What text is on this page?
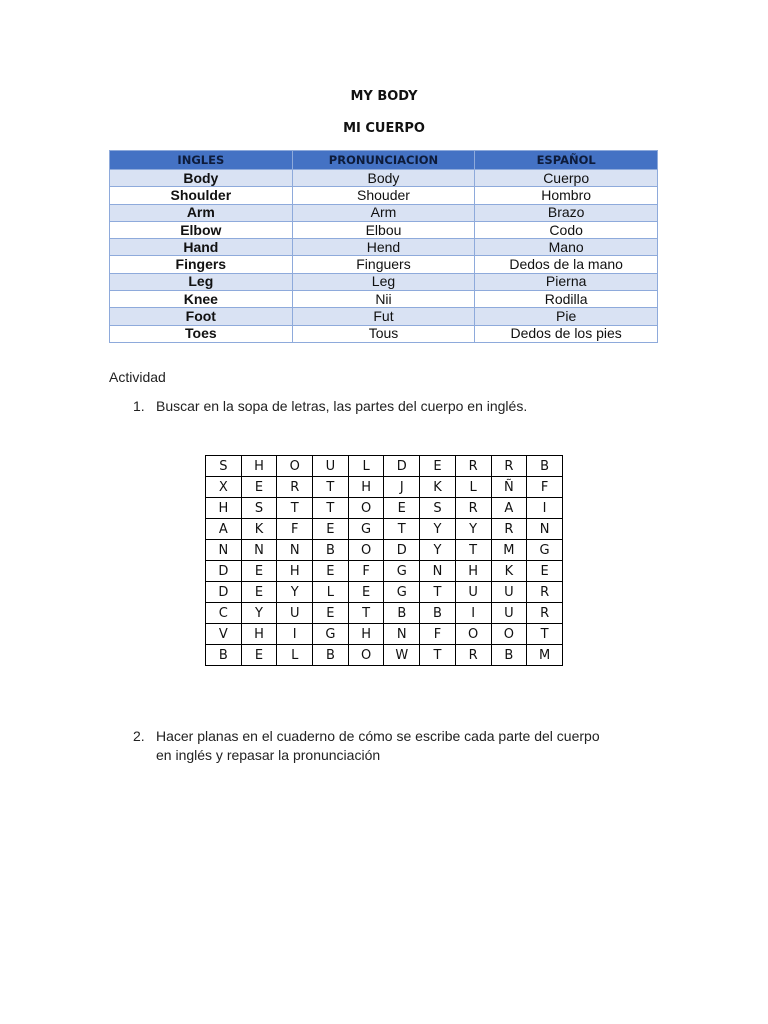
MY BODY
MI CUERPO
INGLES	PRONUNCIACION	ESPAÑOL
Body	Body	Cuerpo
Shoulder	Shouder	Hombro
Arm	Arm	Brazo
Elbow	Elbou	Codo
Hand	Hend	Mano
Fingers	Finguers	Dedos de la mano
Leg	Leg	Pierna
Knee	Nii	Rodilla
Foot	Fut	Pie
Toes	Tous	Dedos de los pies
Actividad
1. Buscar en la sopa de letras, las partes del cuerpo en inglés.
S	H	O	U	L	D	E	R	R	B
X	E	R	T	H	J	K	L	Ñ	F
H	S	T	T	O	E	S	R	A	I
A	K	F	E	G	T	Y	Y	R	N
N	N	N	B	O	D	Y	T	M	G
D	E	H	E	F	G	N	H	K	E
D	E	Y	L	E	G	T	U	U	R
C	Y	U	E	T	B	B	I	U	R
V	H	I	G	H	N	F	O	O	T
B	E	L	B	O	W	T	R	B	M
2. Hacer planas en el cuaderno de cómo se escribe cada parte del cuerpo
en inglés y repasar la pronunciación
